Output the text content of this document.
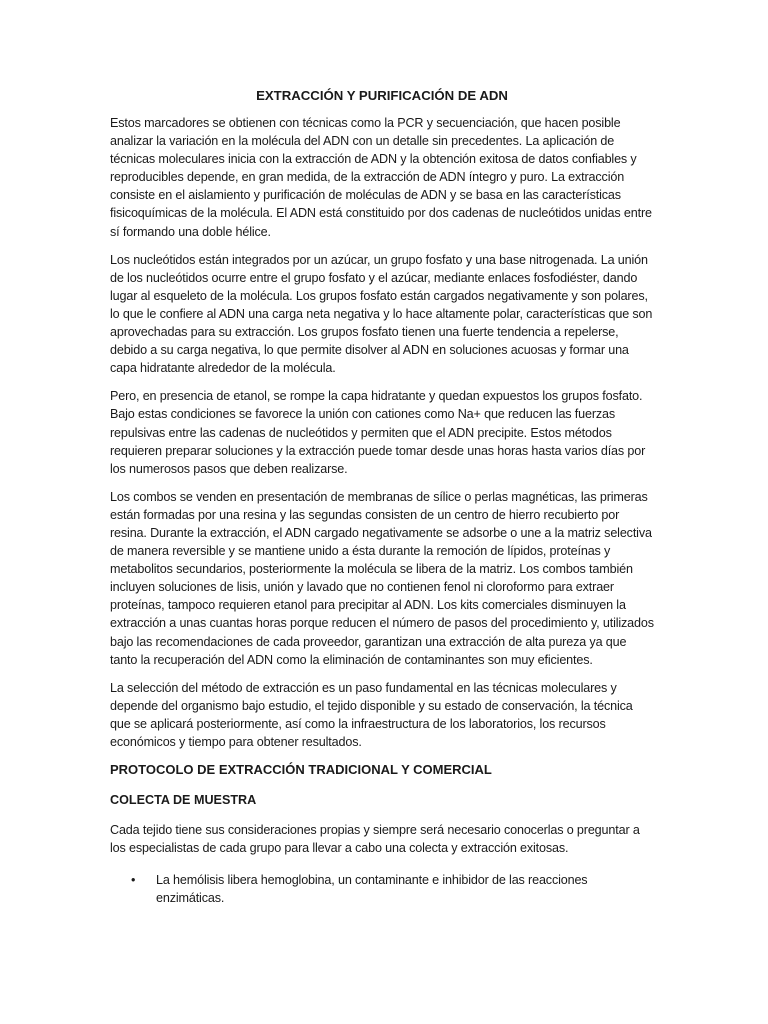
EXTRACCIÓN Y PURIFICACIÓN DE ADN

Estos marcadores se obtienen con técnicas como la PCR y secuenciación, que hacen posible analizar la variación en la molécula del ADN con un detalle sin precedentes. La aplicación de técnicas moleculares inicia con la extracción de ADN y la obtención exitosa de datos confiables y reproducibles depende, en gran medida, de la extracción de ADN íntegro y puro. La extracción consiste en el aislamiento y purificación de moléculas de ADN y se basa en las características fisicoquímicas de la molécula. El ADN está constituido por dos cadenas de nucleótidos unidas entre sí formando una doble hélice.

Los nucleótidos están integrados por un azúcar, un grupo fosfato y una base nitrogenada. La unión de los nucleótidos ocurre entre el grupo fosfato y el azúcar, mediante enlaces fosfodiéster, dando lugar al esqueleto de la molécula. Los grupos fosfato están cargados negativamente y son polares, lo que le confiere al ADN una carga neta negativa y lo hace altamente polar, características que son aprovechadas para su extracción. Los grupos fosfato tienen una fuerte tendencia a repelerse, debido a su carga negativa, lo que permite disolver al ADN en soluciones acuosas y formar una capa hidratante alrededor de la molécula.

Pero, en presencia de etanol, se rompe la capa hidratante y quedan expuestos los grupos fosfato. Bajo estas condiciones se favorece la unión con cationes como Na+ que reducen las fuerzas repulsivas entre las cadenas de nucleótidos y permiten que el ADN precipite. Estos métodos requieren preparar soluciones y la extracción puede tomar desde unas horas hasta varios días por los numerosos pasos que deben realizarse.

Los combos se venden en presentación de membranas de sílice o perlas magnéticas, las primeras están formadas por una resina y las segundas consisten de un centro de hierro recubierto por resina. Durante la extracción, el ADN cargado negativamente se adsorbe o une a la matriz selectiva de manera reversible y se mantiene unido a ésta durante la remoción de lípidos, proteínas y metabolitos secundarios, posteriormente la molécula se libera de la matriz. Los combos también incluyen soluciones de lisis, unión y lavado que no contienen fenol ni cloroformo para extraer proteínas, tampoco requieren etanol para precipitar al ADN. Los kits comerciales disminuyen la extracción a unas cuantas horas porque reducen el número de pasos del procedimiento y, utilizados bajo las recomendaciones de cada proveedor, garantizan una extracción de alta pureza ya que tanto la recuperación del ADN como la eliminación de contaminantes son muy eficientes.

La selección del método de extracción es un paso fundamental en las técnicas moleculares y depende del organismo bajo estudio, el tejido disponible y su estado de conservación, la técnica que se aplicará posteriormente, así como la infraestructura de los laboratorios, los recursos económicos y tiempo para obtener resultados.

PROTOCOLO DE EXTRACCIÓN TRADICIONAL Y COMERCIAL
COLECTA DE MUESTRA

Cada tejido tiene sus consideraciones propias y siempre será necesario conocerlas o preguntar a los especialistas de cada grupo para llevar a cabo una colecta y extracción exitosas.

• La hemólisis libera hemoglobina, un contaminante e inhibidor de las reacciones enzimáticas.
